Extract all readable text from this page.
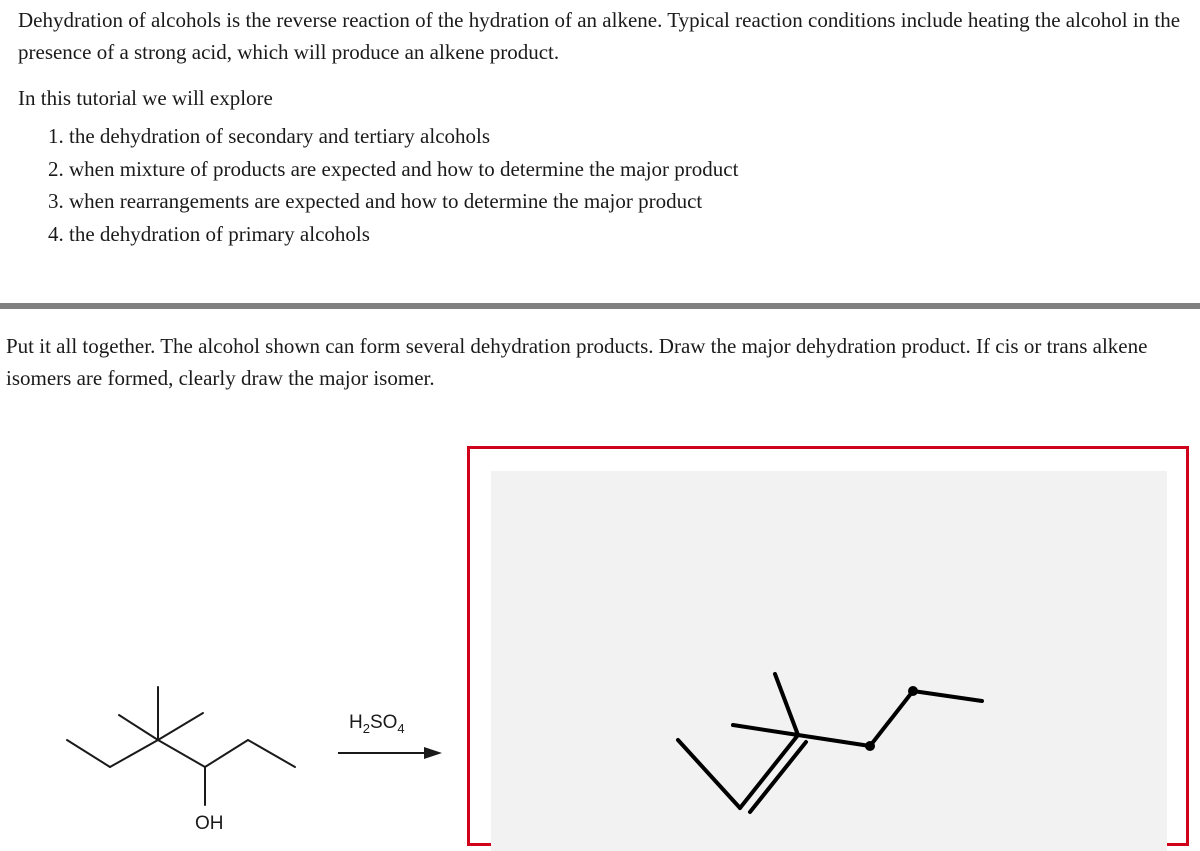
Dehydration of alcohols is the reverse reaction of the hydration of an alkene. Typical reaction conditions include heating the alcohol in the presence of a strong acid, which will produce an alkene product.

In this tutorial we will explore

1. the dehydration of secondary and tertiary alcohols
2. when mixture of products are expected and how to determine the major product
3. when rearrangements are expected and how to determine the major product
4. the dehydration of primary alcohols

Put it all together. The alcohol shown can form several dehydration products. Draw the major dehydration product. If cis or trans alkene isomers are formed, clearly draw the major isomer.

OH
$H_2SO_4$
